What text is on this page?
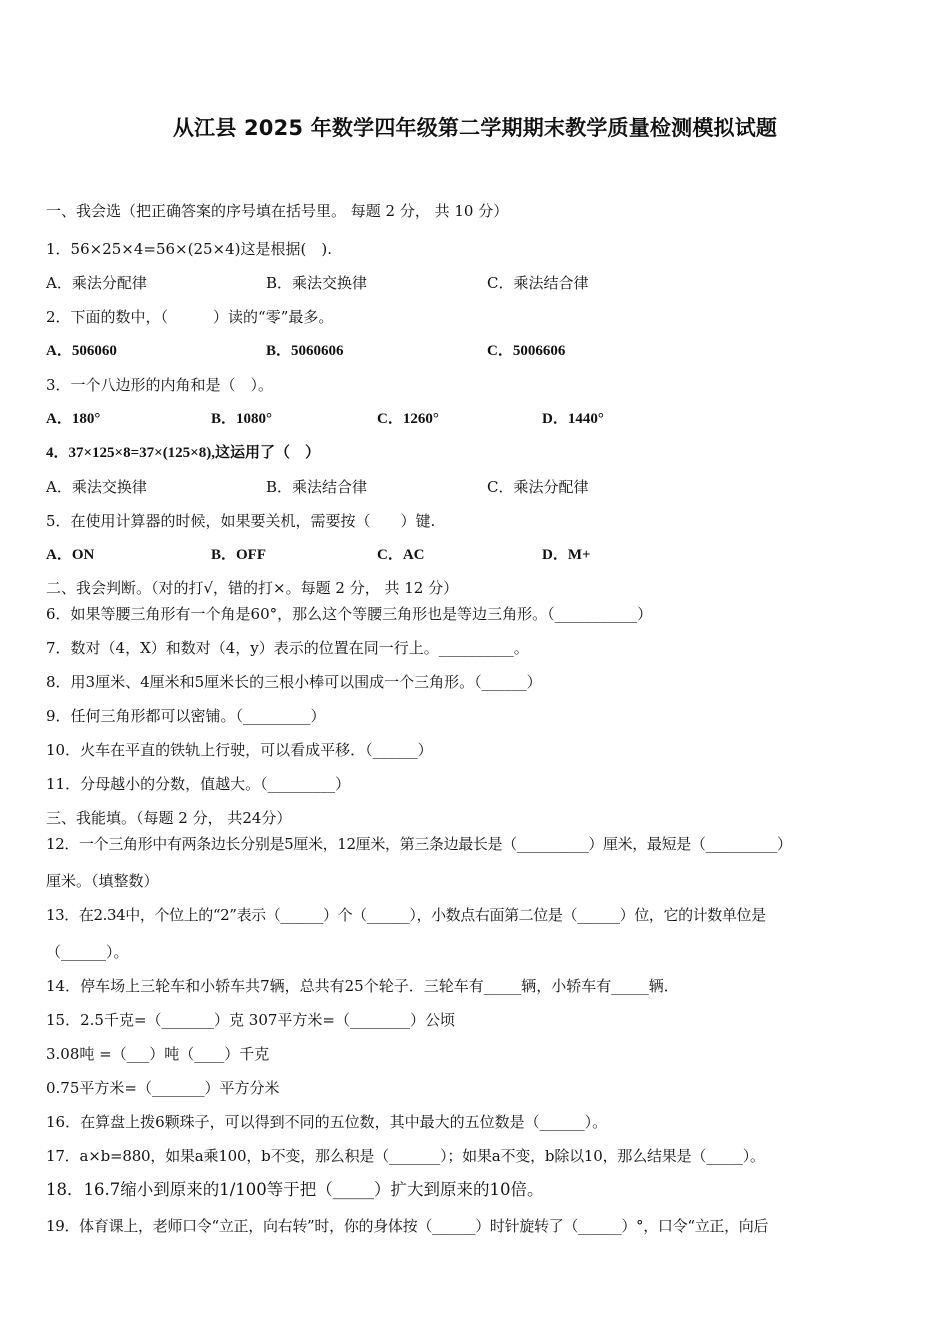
从江县 2025 年数学四年级第二学期期末教学质量检测模拟试题
一、我会选（把正确答案的序号填在括号里。 每题 2 分， 共 10 分）
1．56×25×4=56×(25×4)这是根据(　).
A．乘法分配律	B．乘法交换律	C．乘法结合律
2．下面的数中，（　　　）读的“零”最多。
A．506060	B．5060606	C．5006606
3．一个八边形的内角和是（　）。
A．180°	B．1080°	C．1260°	D．1440°
4．37×125×8=37×(125×8),这运用了（　）
A．乘法交换律	B．乘法结合律	C．乘法分配律
5．在使用计算器的时候，如果要关机，需要按（　　）键.
A．ON	B．OFF	C．AC	D．M+
二、我会判断。（对的打√，错的打×。每题 2 分， 共 12 分）
6．如果等腰三角形有一个角是60°，那么这个等腰三角形也是等边三角形。（___________）
7．数对（4，X）和数对（4，y）表示的位置在同一行上。__________。
8．用3厘米、4厘米和5厘米长的三根小棒可以围成一个三角形。（______）
9．任何三角形都可以密铺。（_________）
10．火车在平直的铁轨上行驶，可以看成平移．（______）
11．分母越小的分数，值越大。（_________）
三、我能填。（每题 2 分， 共24分）
12．一个三角形中有两条边长分别是5厘米，12厘米，第三条边最长是（__________）厘米，最短是（__________）
厘米。（填整数）
13．在2.34中，个位上的“2”表示（______）个（______），小数点右面第二位是（______）位，它的计数单位是
（______）。
14．停车场上三轮车和小轿车共7辆，总共有25个轮子．三轮车有_____辆，小轿车有_____辆．
15．2.5千克=（_______）克 307平方米=（________）公顷
3.08吨 =（___）吨（____）千克
0.75平方米=（_______）平方分米
16．在算盘上拨6颗珠子，可以得到不同的五位数，其中最大的五位数是（______）。
17．a×b=880，如果a乘100，b不变，那么积是（_______）；如果a不变，b除以10，那么结果是（_____）。
18．16.7缩小到原来的1/100等于把（_____）扩大到原来的10倍。
19．体育课上，老师口令“立正，向右转”时，你的身体按（______）时针旋转了（______）°，口令“立正，向后
